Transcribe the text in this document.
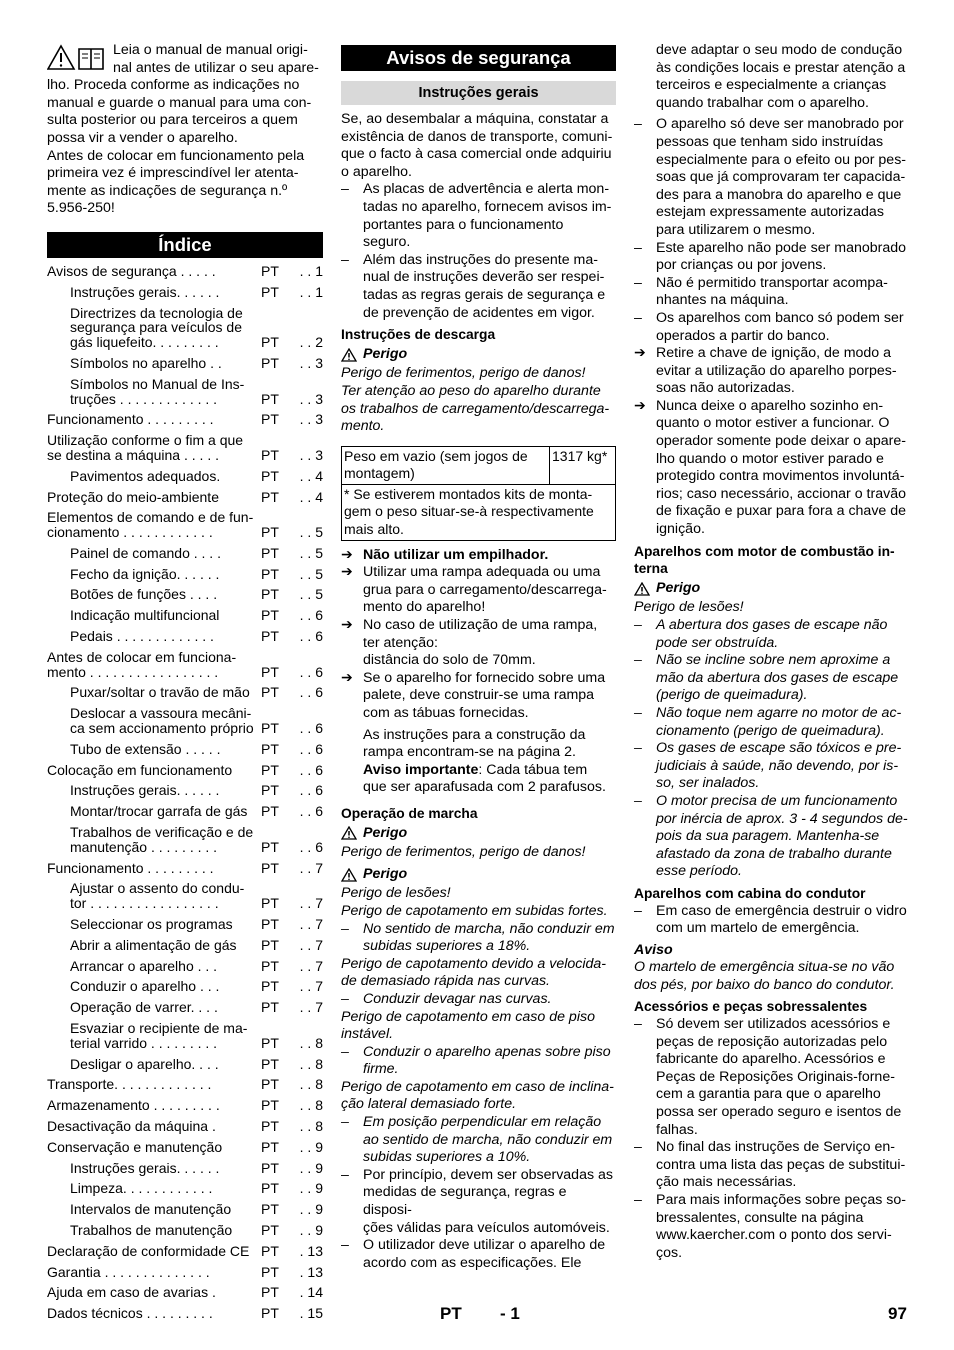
Leia o manual de manual origi-
nal antes de utilizar o seu apare-
lho. Proceda conforme as indicações no
manual e guarde o manual para uma con-
sulta posterior ou para terceiros a quem
possa vir a vender o aparelho.
Antes de colocar em funcionamento pela
primeira vez é imprescindível ler atenta-
mente as indicações de segurança n.º
5.956-250!

Índice
Avisos de segurança . . . . .	PT	. . 1
Instruções gerais. . . . . .	PT	. . 1
Directrizes da tecnologia de
segurança para veículos de
gás liquefeito. . . . . . . . .	PT	. . 2
Símbolos no aparelho . .	PT	. . 3
Símbolos no Manual de Ins-
truções . . . . . . . . . . . . .	PT	. . 3
Funcionamento . . . . . . . . .	PT	. . 3
Utilização conforme o fim a que
se destina a máquina . . . . .	PT	. . 3
Pavimentos adequados.	PT	. . 4
Proteção do meio-ambiente	PT	. . 4
Elementos de comando e de fun-
cionamento . . . . . . . . . . . .	PT	. . 5
Painel de comando . . . .	PT	. . 5
Fecho da ignição. . . . . .	PT	. . 5
Botões de funções . . . .	PT	. . 5
Indicação multifuncional	PT	. . 6
Pedais . . . . . . . . . . . . .	PT	. . 6
Antes de colocar em funciona-
mento . . . . . . . . . . . . . . . . .	PT	. . 6
Puxar/soltar o travão de mão PT	. . 6
Deslocar a vassoura mecâni-
ca sem accionamento próprio PT	. . 6
Tubo de extensão . . . . .	PT	. . 6
Colocação em funcionamento	PT	. . 6
Instruções gerais. . . . . .	PT	. . 6
Montar/trocar garrafa de gás PT	. . 6
Trabalhos de verificação e de
manutenção . . . . . . . . .	PT	. . 6
Funcionamento . . . . . . . . .	PT	. . 7
Ajustar o assento do condu-
tor . . . . . . . . . . . . . . . . .	PT	. . 7
Seleccionar os programas	PT	. . 7
Abrir a alimentação de gás	PT	. . 7
Arrancar o aparelho . . .	PT	. . 7
Conduzir o aparelho . . .	PT	. . 7
Operação de varrer. . . .	PT	. . 7
Esvaziar o recipiente de ma-
terial varrido . . . . . . . . .	PT	. . 8
Desligar o aparelho. . . .	PT	. . 8
Transporte. . . . . . . . . . . . .	PT	. . 8
Armazenamento . . . . . . . . .	PT	. . 8
Desactivação da máquina .	PT	. . 8
Conservação e manutenção	PT	. . 9
Instruções gerais. . . . . .	PT	. . 9
Limpeza. . . . . . . . . . . .	PT	. . 9
Intervalos de manutenção	PT	. . 9
Trabalhos de manutenção	PT	. . 9
Declaração de conformidade CE PT	. 13
Garantia . . . . . . . . . . . . . .	PT	. 13
Ajuda em caso de avarias .	PT	. 14
Dados técnicos . . . . . . . . .	PT	. 15
Avisos de segurança
Instruções gerais

Se, ao desembalar a máquina, constatar a
existência de danos de transporte, comuni-
que o facto à casa comercial onde adquiriu
o aparelho.

– As placas de advertência e alerta mon-
tadas no aparelho, fornecem avisos im-
portantes para o funcionamento
seguro.
– Além das instruções do presente ma-
nual de instruções deverão ser respei-
tadas as regras gerais de segurança e
de prevenção de acidentes em vigor.
Instruções de descarga
Perigo

Perigo de ferimentos, perigo de danos!
Ter atenção ao peso do aparelho durante
os trabalhos de carregamento/descarrega-
mento.

Peso em vazio (sem jogos de montagem)	1317 kg*
* Se estiverem montados kits de monta-gem o peso situar-se-à respectivamente mais alto.
➔ Não utilizar um empilhador.
➔ Utilizar uma rampa adequada ou uma
grua para o carregamento/descarrega-
mento do aparelho!
➔ No caso de utilização de uma rampa,
ter atenção:
distância do solo de 70mm.
➔ Se o aparelho for fornecido sobre uma
palete, deve construir-se uma rampa
com as tábuas fornecidas.
As instruções para a construção da
rampa encontram-se na página 2.
Aviso importante: Cada tábua tem
que ser aparafusada com 2 parafusos.
Operação de marcha
Perigo

Perigo de ferimentos, perigo de danos!

Perigo

Perigo de lesões!
Perigo de capotamento em subidas fortes.

– No sentido de marcha, não conduzir em
subidas superiores a 18%.

Perigo de capotamento devido a velocida-
de demasiado rápida nas curvas.

– Conduzir devagar nas curvas.

Perigo de capotamento em caso de piso
instável.

– Conduzir o aparelho apenas sobre piso
firme.

Perigo de capotamento em caso de inclina-
ção lateral demasiado forte.

– Em posição perpendicular em relação
ao sentido de marcha, não conduzir em
subidas superiores a 10%.
– Por princípio, devem ser observadas as
medidas de segurança, regras e disposi-
ções válidas para veículos automóveis.
– O utilizador deve utilizar o aparelho de
acordo com as especificações. Ele
deve adaptar o seu modo de condução
às condições locais e prestar atenção a
terceiros e especialmente a crianças
quando trabalhar com o aparelho.
– O aparelho só deve ser manobrado por
pessoas que tenham sido instruídas
especialmente para o efeito ou por pes-
soas que já comprovaram ter capacida-
des para a manobra do aparelho e que
estejam expressamente autorizadas
para utilizarem o mesmo.
– Este aparelho não pode ser manobrado
por crianças ou por jovens.
– Não é permitido transportar acompa-
nhantes na máquina.
– Os aparelhos com banco só podem ser
operados a partir do banco.
➔ Retire a chave de ignição, de modo a
evitar a utilização do aparelho porpes-
soas não autorizadas.
➔ Nunca deixe o aparelho sozinho en-
quanto o motor estiver a funcionar. O
operador somente pode deixar o apare-
lho quando o motor estiver parado e
protegido contra movimentos involuntá-
rios; caso necessário, accionar o travão
de fixação e puxar para fora a chave de
ignição.
Aparelhos com motor de combustão in-
terna
Perigo

Perigo de lesões!

– A abertura dos gases de escape não
pode ser obstruída.
– Não se incline sobre nem aproxime a
mão da abertura dos gases de escape
(perigo de queimadura).
– Não toque nem agarre no motor de ac-
cionamento (perigo de queimadura).
– Os gases de escape são tóxicos e pre-
judiciais à saúde, não devendo, por is-
so, ser inalados.
– O motor precisa de um funcionamento
por inércia de aprox. 3 - 4 segundos de-
pois da sua paragem. Mantenha-se
afastado da zona de trabalho durante
esse período.
Aparelhos com cabina do condutor
– Em caso de emergência destruir o vidro
com um martelo de emergência.

Aviso

O martelo de emergência situa-se no vão
dos pés, por baixo do banco do condutor.

Acessórios e peças sobressalentes
– Só devem ser utilizados acessórios e
peças de reposição autorizadas pelo
fabricante do aparelho. Acessórios e
Peças de Reposições Originais-forne-
cem a garantia para que o aparelho
possa ser operado seguro e isentos de
falhas.
– No final das instruções de Serviço en-
contra uma lista das peças de substitui-
ção mais necessárias.
– Para mais informações sobre peças so-
bressalentes, consulte na página
www.kaercher.com o ponto dos servi-
ços.
PT - 1	97
